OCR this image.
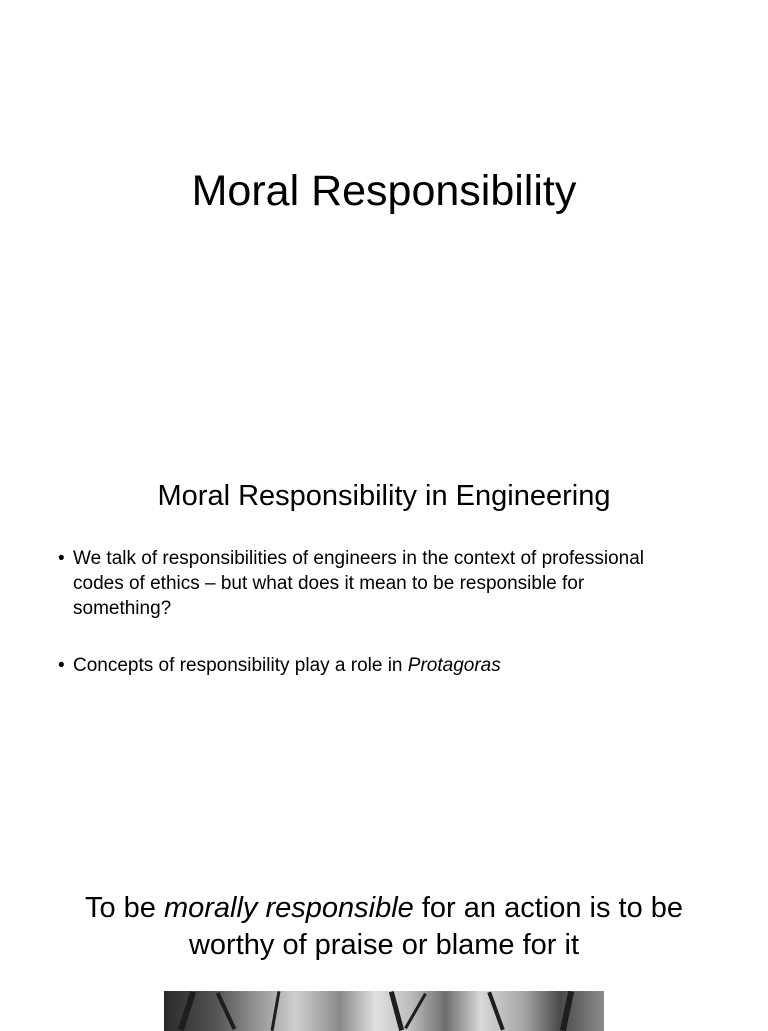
Moral Responsibility
Moral Responsibility in Engineering
• We talk of responsibilities of engineers in the context of professional
codes of ethics – but what does it mean to be responsible for
something?
• Concepts of responsibility play a role in Protagoras

To be morally responsible for an action is to be
worthy of praise or blame for it
